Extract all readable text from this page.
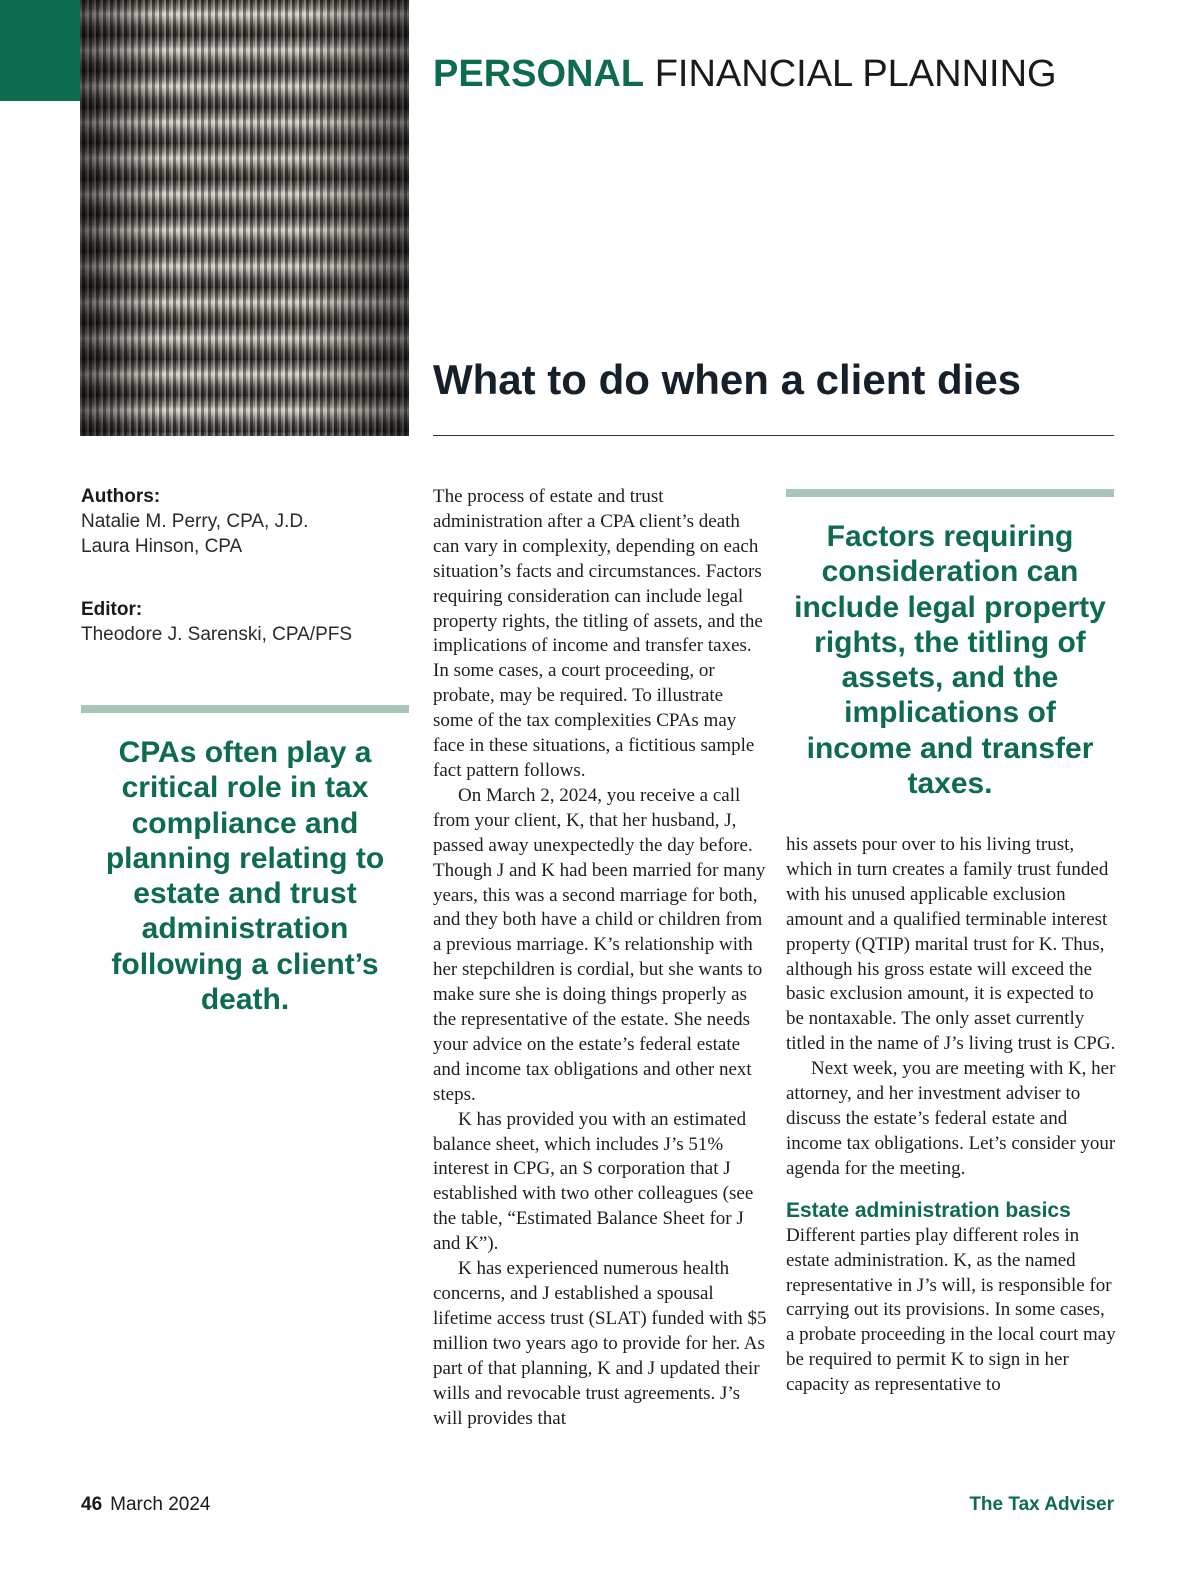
PERSONAL FINANCIAL PLANNING
What to do when a client dies
Authors:
Natalie M. Perry, CPA, J.D.
Laura Hinson, CPA
Editor:
Theodore J. Sarenski, CPA/PFS

CPAs often play a critical role in tax compliance and planning relating to estate and trust administration following a client’s death.

The process of estate and trust administration after a CPA client’s death can vary in complexity, depending on each situation’s facts and circumstances. Factors requiring consideration can include legal property rights, the titling of assets, and the implications of income and transfer taxes. In some cases, a court proceeding, or probate, may be required. To illustrate some of the tax complexities CPAs may face in these situations, a fictitious sample fact pattern follows.

On March 2, 2024, you receive a call from your client, K, that her husband, J, passed away unexpectedly the day before. Though J and K had been married for many years, this was a second marriage for both, and they both have a child or children from a previous marriage. K’s relationship with her stepchildren is cordial, but she wants to make sure she is doing things properly as the representative of the estate. She needs your advice on the estate’s federal estate and income tax obligations and other next steps.

K has provided you with an estimated balance sheet, which includes J’s 51% interest in CPG, an S corporation that J established with two other colleagues (see the table, “Estimated Balance Sheet for J and K”).

K has experienced numerous health concerns, and J established a spousal lifetime access trust (SLAT) funded with $5 million two years ago to provide for her. As part of that planning, K and J updated their wills and revocable trust agreements. J’s will provides that

Factors requiring consideration can include legal property rights, the titling of assets, and the implications of income and transfer taxes.

his assets pour over to his living trust, which in turn creates a family trust funded with his unused applicable exclusion amount and a qualified terminable interest property (QTIP) marital trust for K. Thus, although his gross estate will exceed the basic exclusion amount, it is expected to be nontaxable. The only asset currently titled in the name of J’s living trust is CPG.

Next week, you are meeting with K, her attorney, and her investment adviser to discuss the estate’s federal estate and income tax obligations. Let’s consider your agenda for the meeting.

Estate administration basics

Different parties play different roles in estate administration. K, as the named representative in J’s will, is responsible for carrying out its provisions. In some cases, a probate proceeding in the local court may be required to permit K to sign in her capacity as representative to

46 March 2024	The Tax Adviser
